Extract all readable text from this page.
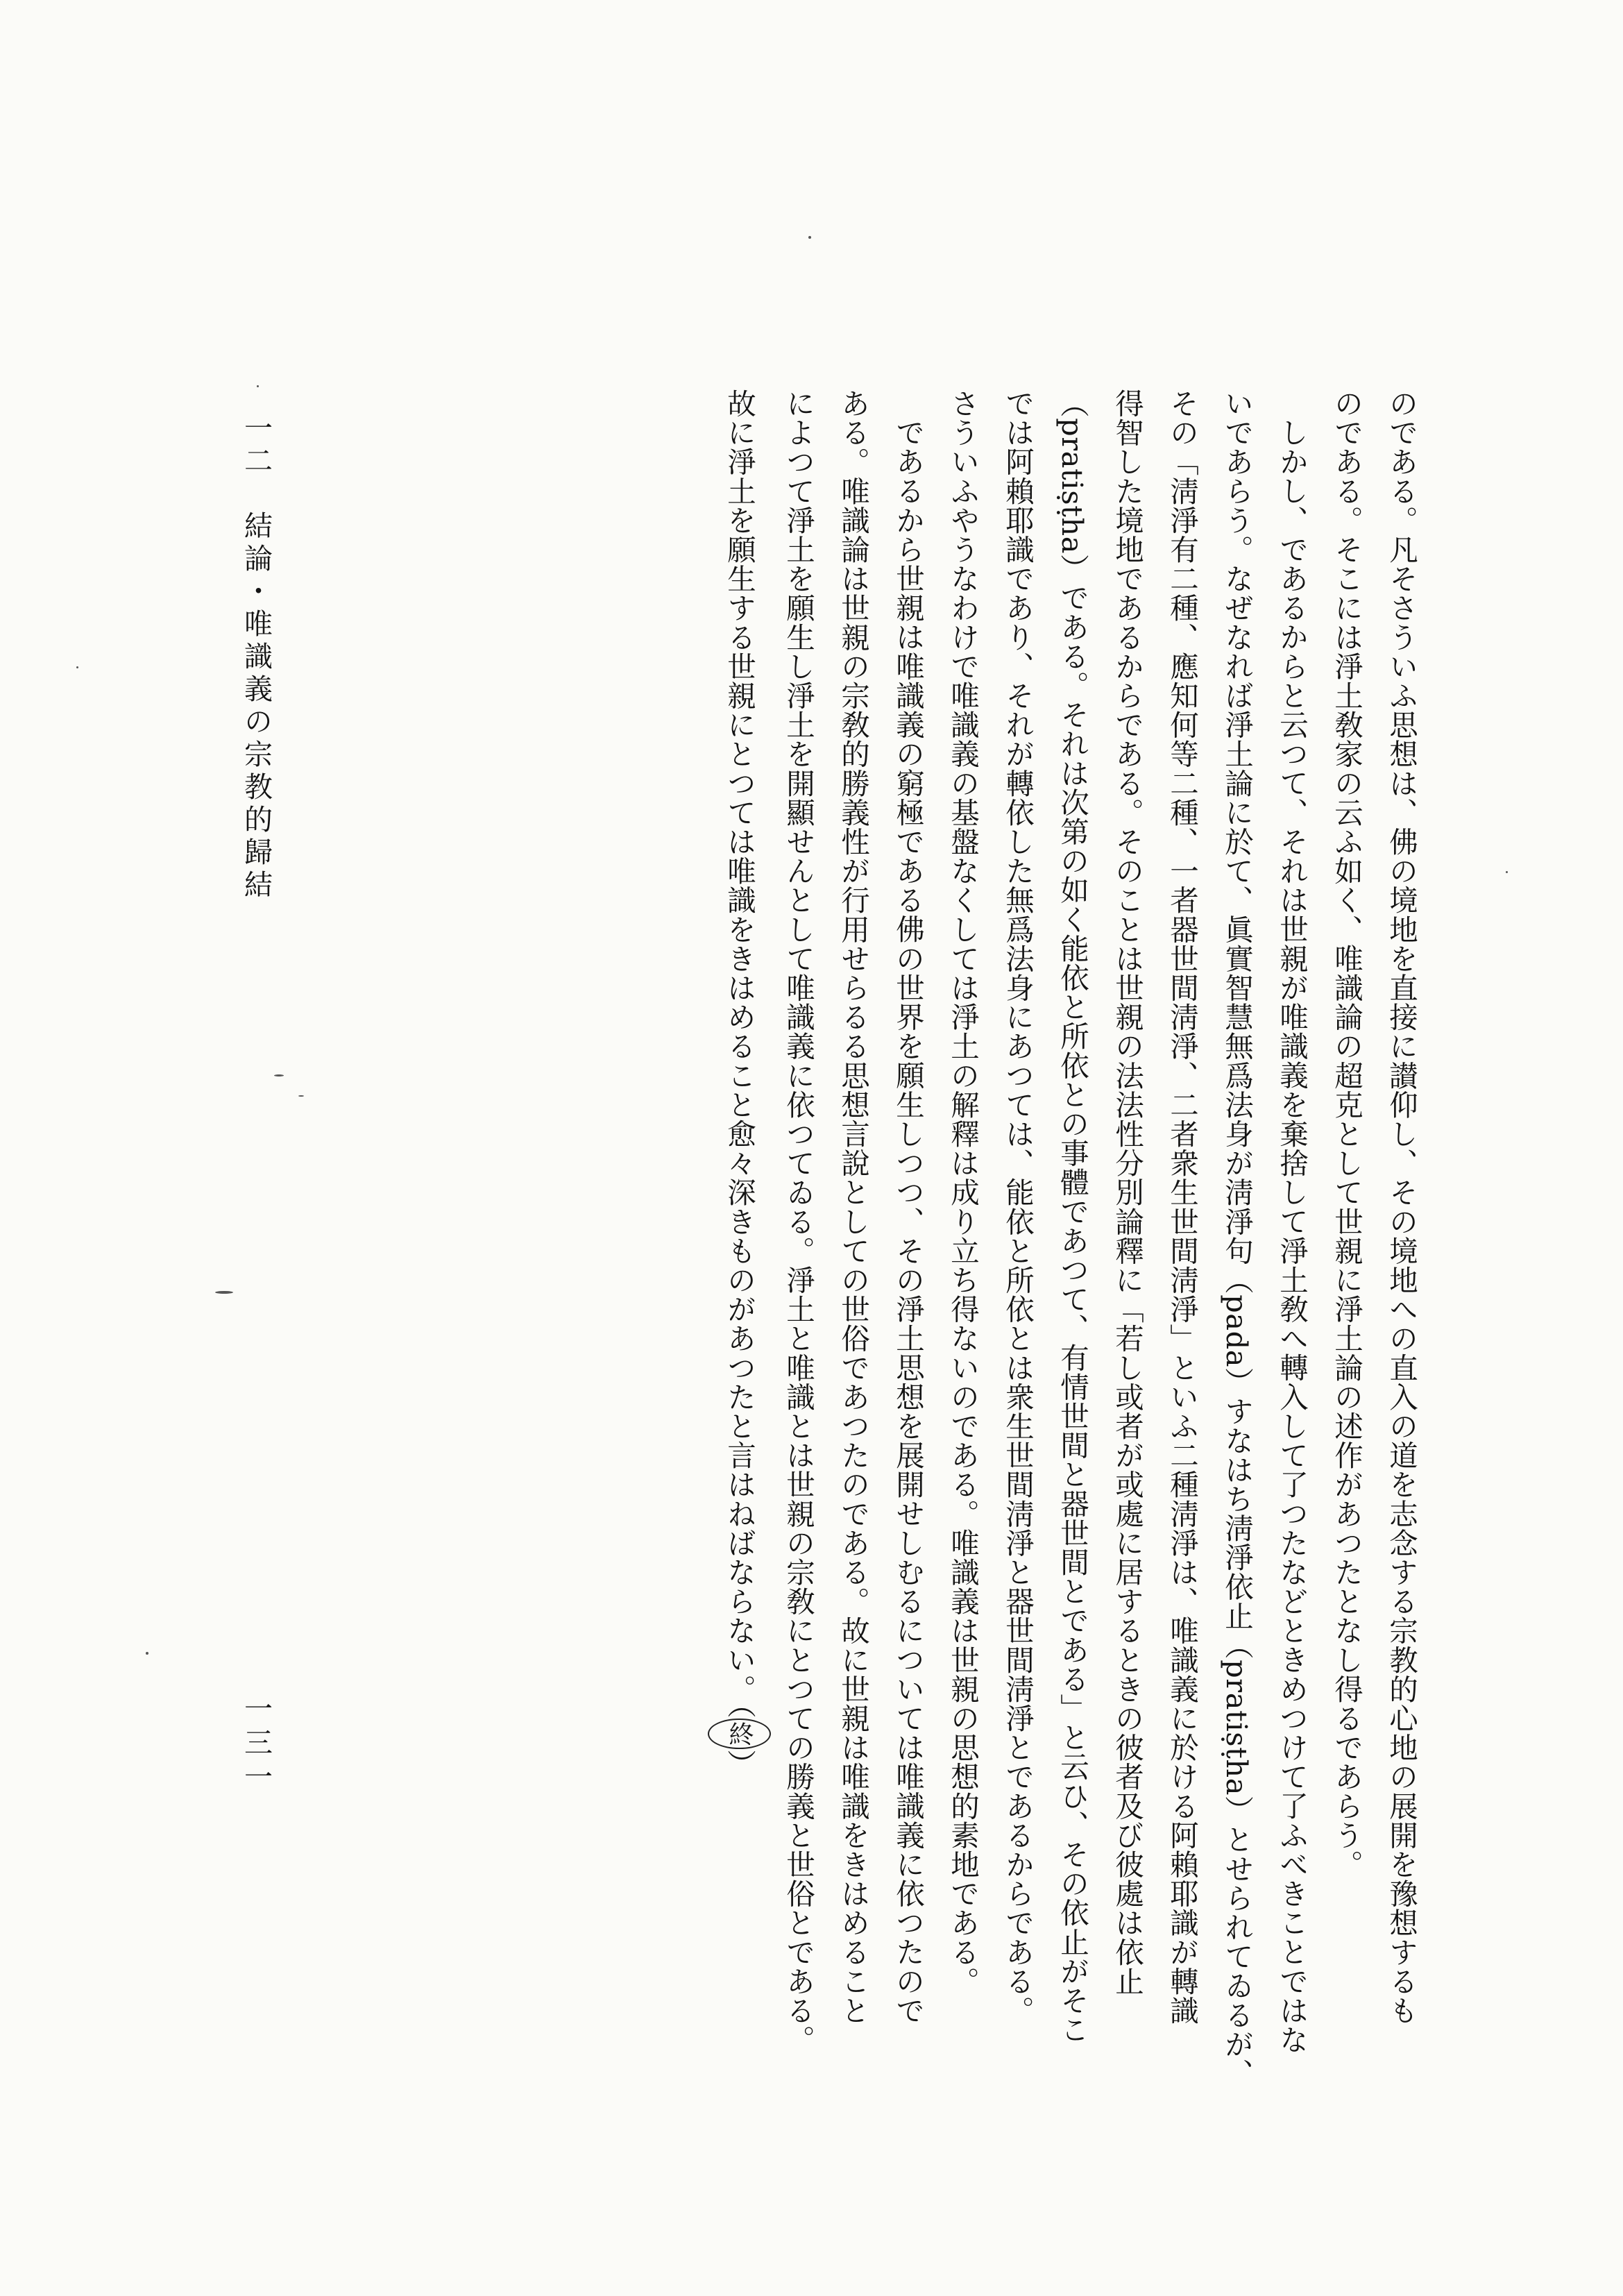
のである。凡そさういふ思想は、佛の境地を直接に讃仰し、その境地への直入の道を志念する宗教的心地の展開を豫想するも

のである。そこには淨土敎家の云ふ如く、唯識論の超克として世親に淨土論の述作があつたとなし得るであらう。

しかし、であるからと云つて、それは世親が唯識義を棄捨して淨土敎へ轉入して了つたなどときめつけて了ふべきことではな

いであらう。なぜなれば淨土論に於て、眞實智慧無爲法身が淸淨句（pada）すなはち淸淨依止（pratiṣṭha）とせられてゐるが、

その「淸淨有二種、應知何等二種、一者器世間淸淨、二者衆生世間淸淨」といふ二種淸淨は、唯識義に於ける阿賴耶識が轉識

得智した境地であるからである。そのことは世親の法法性分別論釋に「若し或者が或處に居するときの彼者及び彼處は依止

（pratiṣṭha）である。それは次第の如く能依と所依との事體であつて、有情世間と器世間とである」と云ひ、その依止がそこ

では阿賴耶識であり、それが轉依した無爲法身にあつては、能依と所依とは衆生世間淸淨と器世間淸淨とであるからである。

さういふやうなわけで唯識義の基盤なくしては淨土の解釋は成り立ち得ないのである。唯識義は世親の思想的素地である。

であるから世親は唯識義の窮極である佛の世界を願生しつつ、その淨土思想を展開せしむるについては唯識義に依つたので

ある。唯識論は世親の宗敎的勝義性が行用せらるる思想言說としての世俗であつたのである。故に世親は唯識をきはめること

によつて淨土を願生し淨土を開顯せんとして唯識義に依つてゐる。淨土と唯識とは世親の宗敎にとつての勝義と世俗とである。

故に淨土を願生する世親にとつては唯識をきはめること愈々深きものがあつたと言はねばならない。（終）

一二　結論・唯識義の宗教的歸結
一三一
